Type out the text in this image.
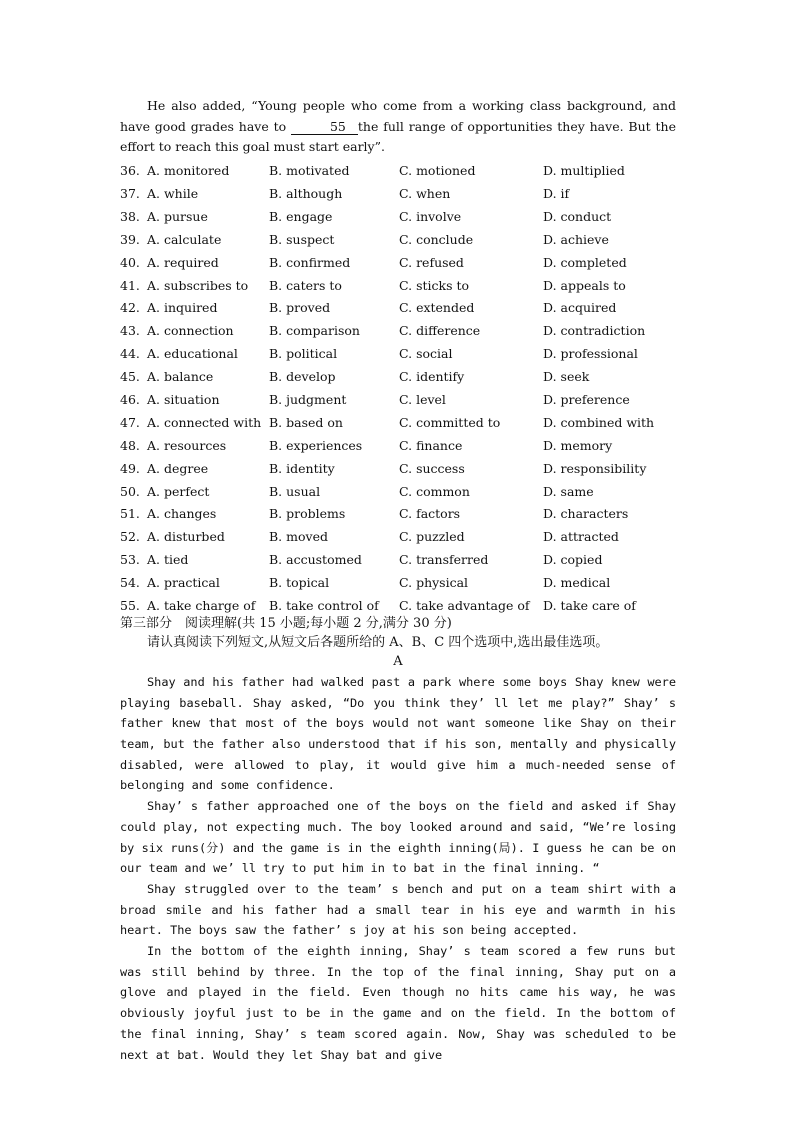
He also added, “Young people who come from a working class background, and have good grades have to	55 the full range of opportunities they have. But the effort to reach this goal must start early”.

36. A. monitored	B. motivated	C. motioned	D. multiplied
37. A. while	B. although	C. when	D. if
38. A. pursue	B. engage	C. involve	D. conduct
39. A. calculate	B. suspect	C. conclude	D. achieve
40. A. required	B. confirmed	C. refused	D. completed
41. A. subscribes to	B. caters to	C. sticks to	D. appeals to
42. A. inquired	B. proved	C. extended	D. acquired
43. A. connection	B. comparison	C. difference	D. contradiction
44. A. educational	B. political	C. social	D. professional
45. A. balance	B. develop	C. identify	D. seek
46. A. situation	B. judgment	C. level	D. preference
47. A. connected with B. based on	C. committed to	D. combined with
48. A. resources	B. experiences	C. finance	D. memory
49. A. degree	B. identity	C. success	D. responsibility
50. A. perfect	B. usual	C. common	D. same
51. A. changes	B. problems	C. factors	D. characters
52. A. disturbed	B. moved	C. puzzled	D. attracted
53. A. tied	B. accustomed	C. transferred	D. copied
54. A. practical	B. topical	C. physical	D. medical
55. A. take charge of	B. take control of	C. take advantage of	D. take care of
第三部分　阅读理解(共 15 小题;每小题 2 分,满分 30 分)
请认真阅读下列短文,从短文后各题所给的 A、B、C 四个选项中,选出最佳选项。
A

Shay and his father had walked past a park where some boys Shay knew were playing baseball. Shay asked, “Do you think they’ ll let me play?” Shay’ s father knew that most of the boys would not want someone like Shay on their team, but the father also understood that if his son, mentally and physically disabled, were allowed to play, it would give him a much-needed sense of belonging and some confidence.

Shay’ s father approached one of the boys on the field and asked if Shay could play, not expecting much. The boy looked around and said, “We’re losing by six runs(分) and the game is in the eighth inning(局). I guess he can be on our team and we’ ll try to put him in to bat in the final inning. “

Shay struggled over to the team’ s bench and put on a team shirt with a broad smile and his father had a small tear in his eye and warmth in his heart. The boys saw the father’ s joy at his son being accepted.

In the bottom of the eighth inning, Shay’ s team scored a few runs but was still behind by three. In the top of the final inning, Shay put on a glove and played in the field. Even though no hits came his way, he was obviously joyful just to be in the game and on the field. In the bottom of the final inning, Shay’ s team scored again. Now, Shay was scheduled to be next at bat. Would they let Shay bat and give
